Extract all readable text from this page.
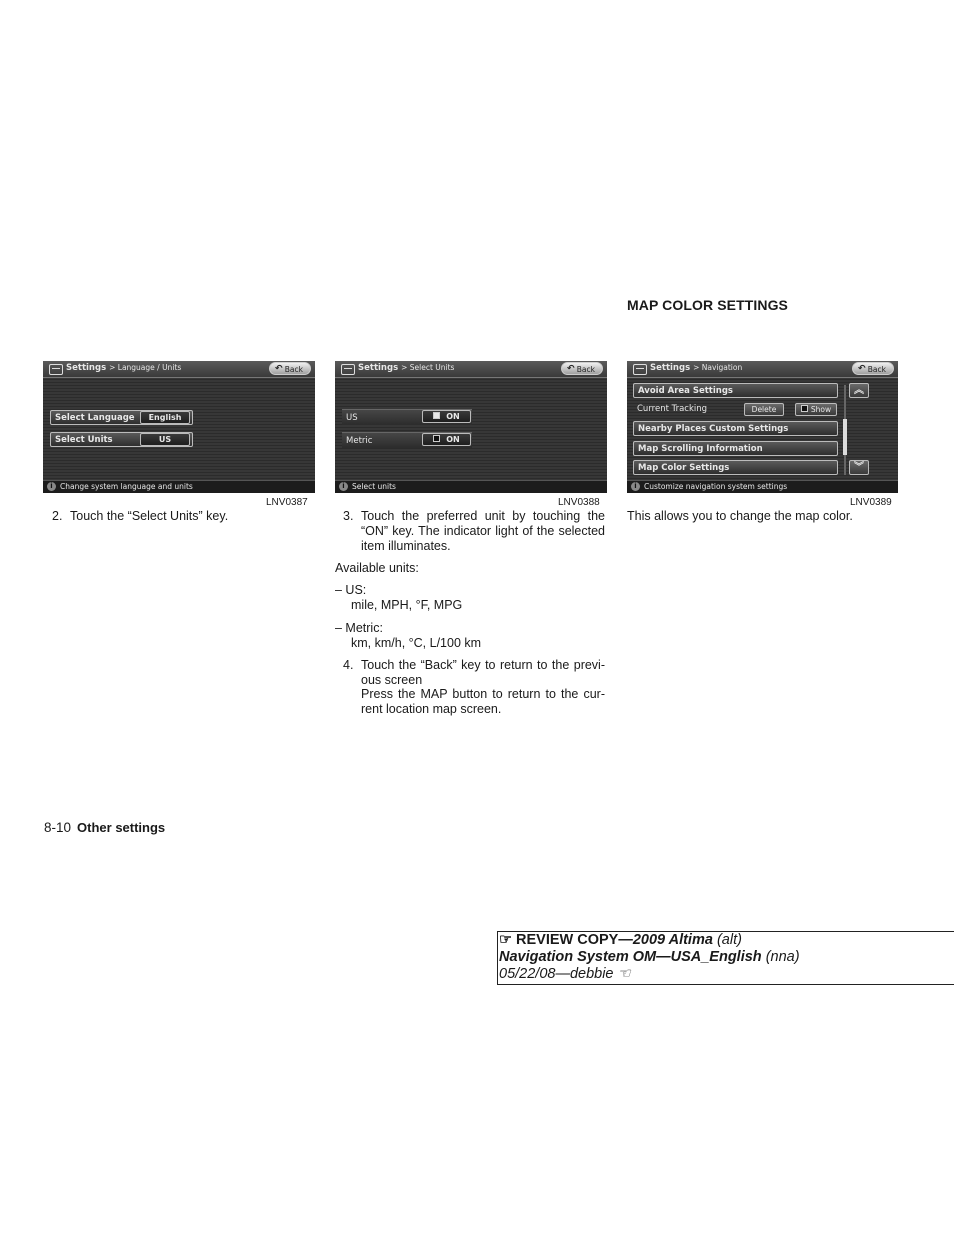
MAP COLOR SETTINGS
Settings > Language / Units	↶ Back
Select Language	English
Select Units	US
i Change system language and units
LNV0387
Settings > Select Units	↶ Back
US	ON
Metric	ON
i Select units
LNV0388
Settings > Navigation	↶ Back
Avoid Area Settings
Current Tracking	Delete	Show
Nearby Places Custom Settings
Map Scrolling Information
Map Color Settings
︽
︾
i Customize navigation system settings
LNV0389
2. Touch the “Select Units” key.	3. Touch the preferred unit by touching the
“ON” key. The indicator light of the selected
item illuminates.
Available units:
– US:
mile, MPH, °F, MPG
– Metric:
km, km/h, °C, L/100 km
4. Touch the “Back” key to return to the previ-
ous screen
Press the MAP button to return to the cur-
rent location map screen.
This allows you to change the map color.
8-10 Other settings
☞ REVIEW COPY—2009 Altima (alt)
Navigation System OM—USA_English (nna)
05/22/08—debbie ☜
